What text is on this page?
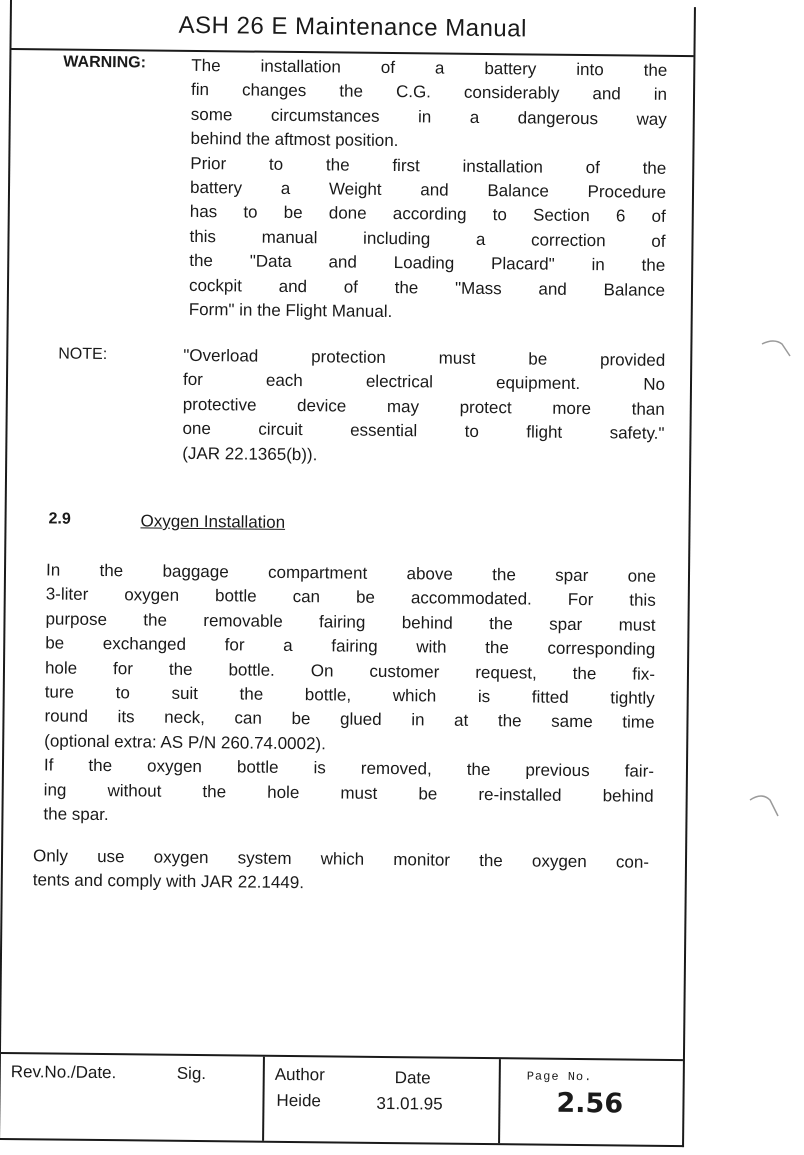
ASH 26 E Maintenance Manual
WARNING:	The installation of a battery into the

fin changes the C.G. considerably and in

some circumstances in a dangerous way

behind the aftmost position.

Prior to the first installation of the

battery a Weight and Balance Procedure

has to be done according to Section 6 of

this manual including a correction of

the "Data and Loading Placard" in the

cockpit and of the "Mass and Balance

Form" in the Flight Manual.

NOTE:	"Overload protection must be provided

for each electrical equipment. No

protective device may protect more than

one circuit essential to flight safety."

(JAR 22.1365(b)).

2.9	Oxygen Installation

In the baggage compartment above the spar one

3-liter oxygen bottle can be accommodated. For this

purpose the removable fairing behind the spar must

be exchanged for a fairing with the corresponding

hole for the bottle. On customer request, the fix-

ture to suit the bottle, which is fitted tightly

round its neck, can be glued in at the same time

(optional extra: AS P/N 260.74.0002).

If the oxygen bottle is removed, the previous fair-

ing without the hole must be re-installed behind

the spar.

Only use oxygen system which monitor the oxygen con-

tents and comply with JAR 22.1449.

Rev.No./Date.	Sig.	Author	Date
Heide	31.01.95
Page No.
2.56
